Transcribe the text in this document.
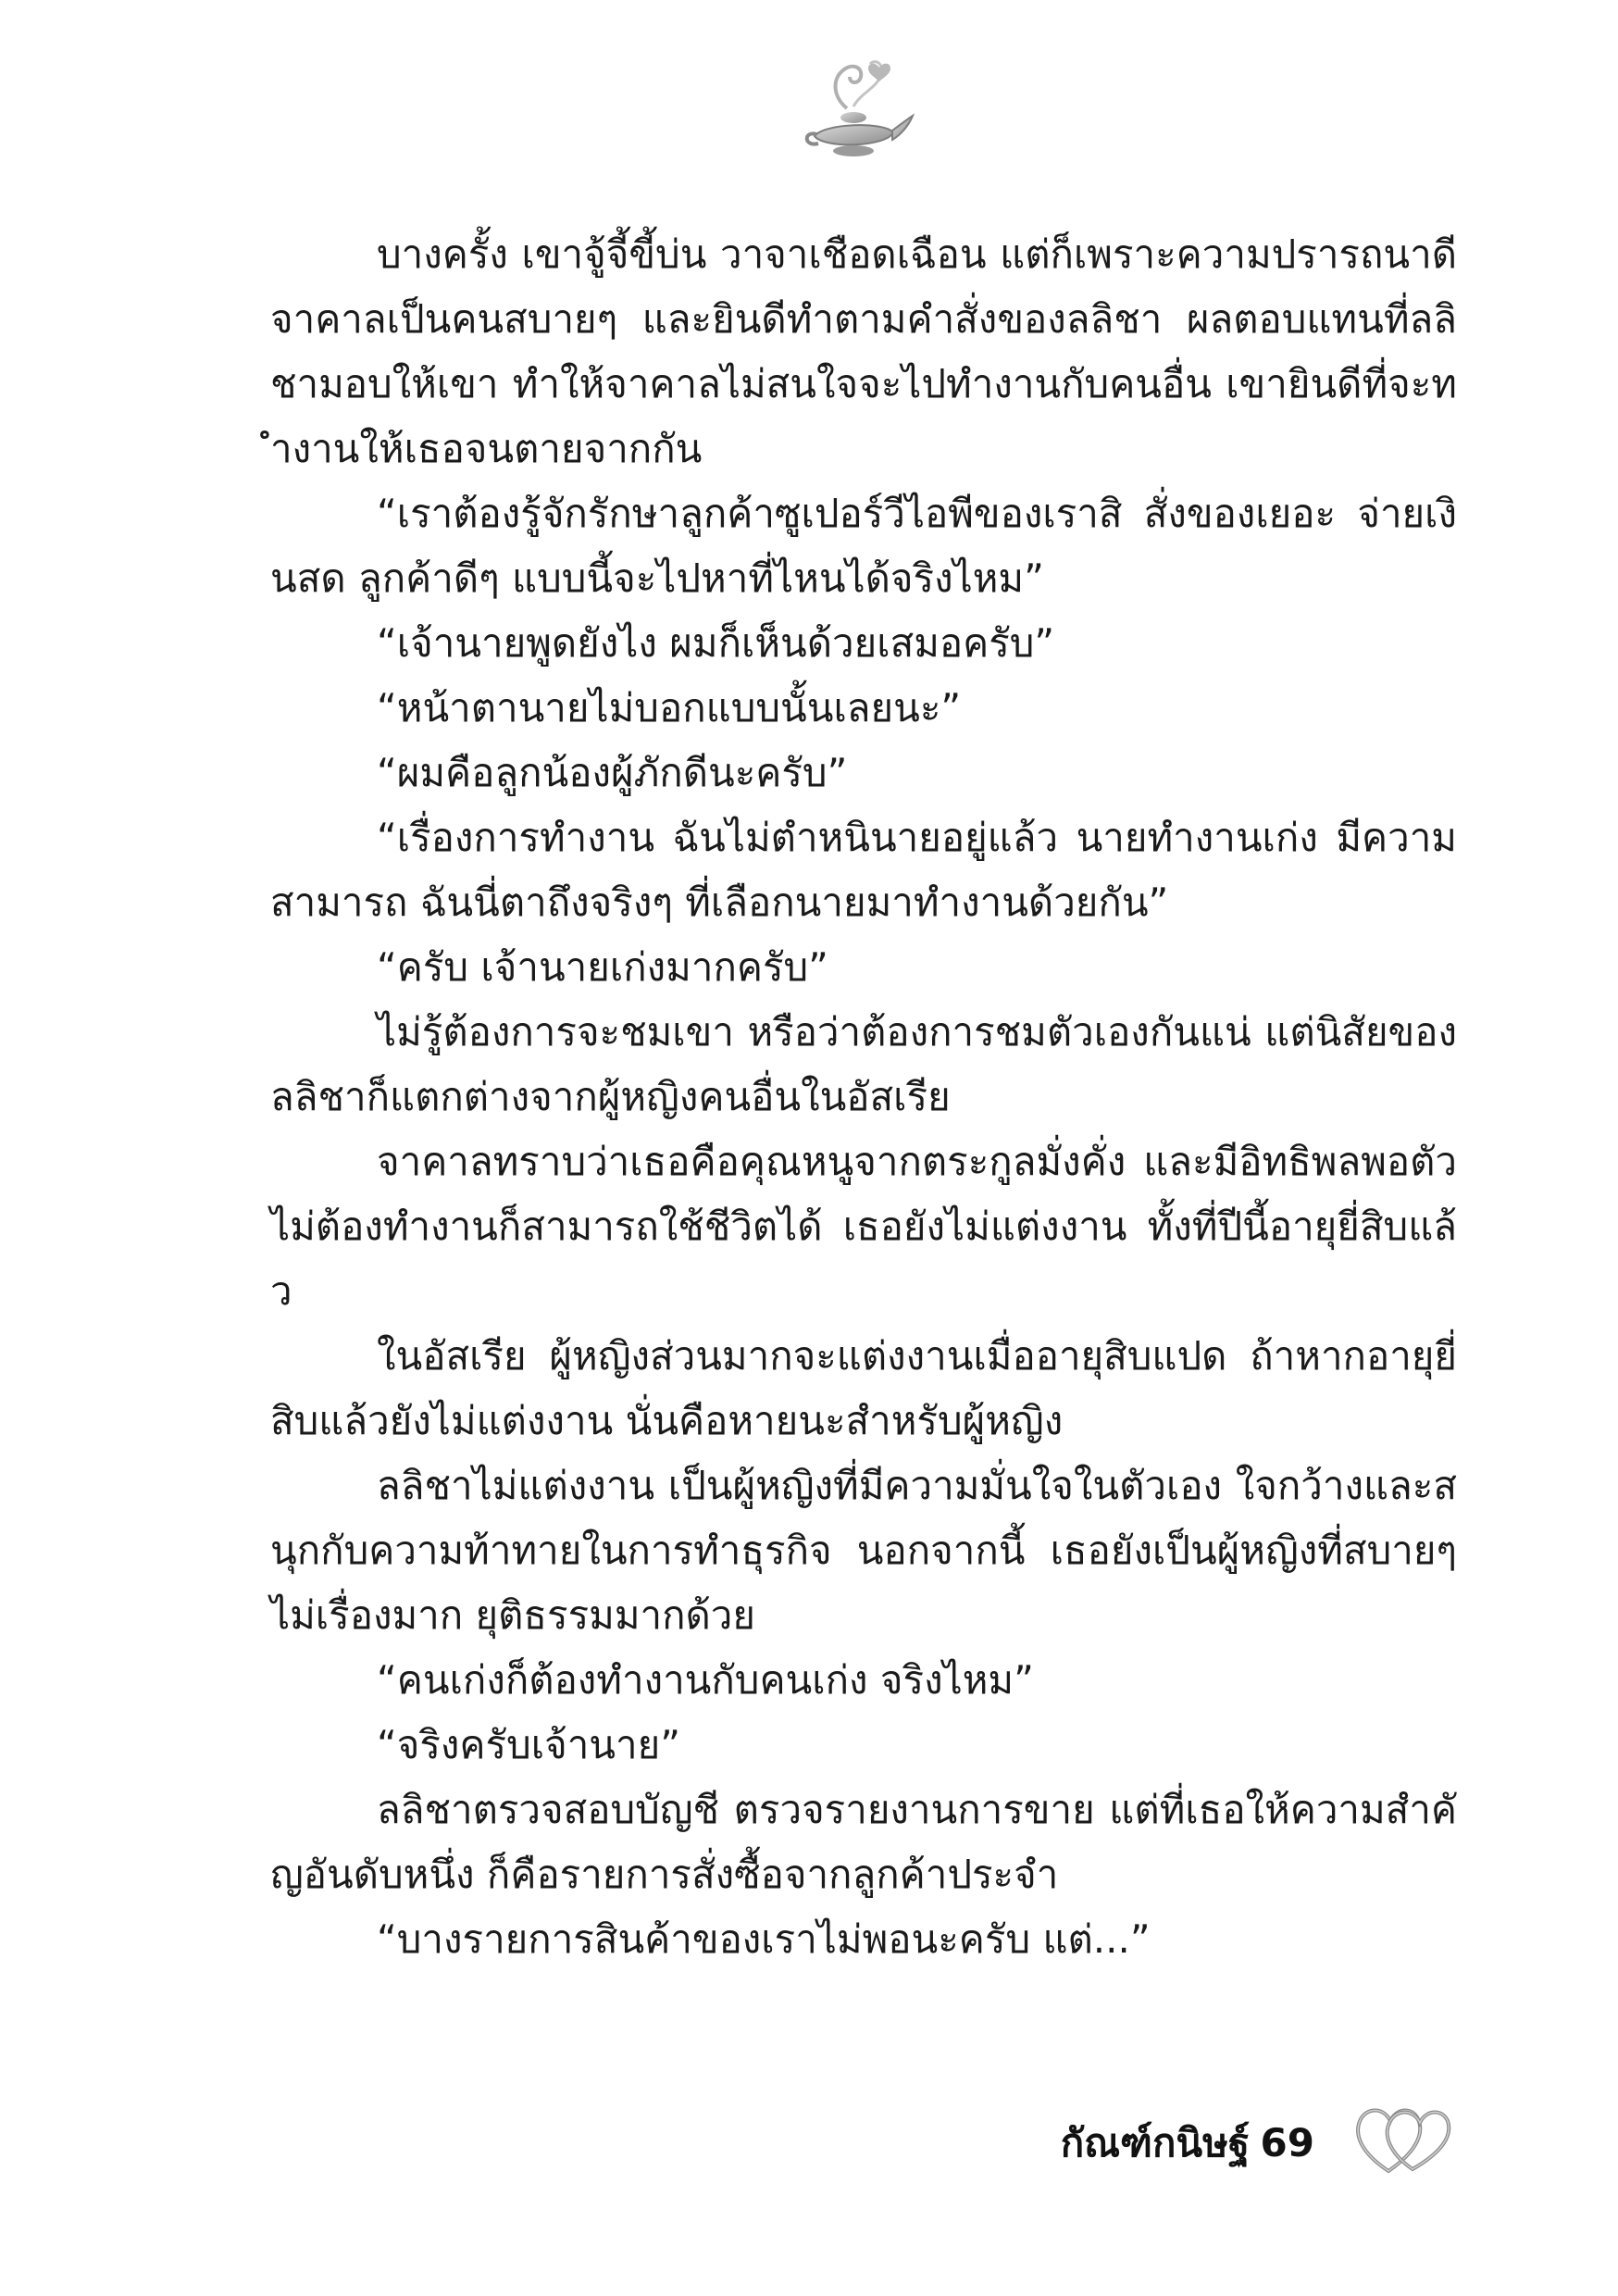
บางครั้ง เขาจู้จี้ขี้บ่น วาจาเชือดเฉือน แต่ก็เพราะความปรารถนาดี จาคาลเป็นคนสบายๆ และยินดีทำตามคำสั่งของลลิชา ผลตอบแทนที่ลลิชามอบให้เขา ทำให้จาคาลไม่สนใจจะไปทำงานกับคนอื่น เขายินดีที่จะทำงานให้เธอจนตายจากกัน

“เราต้องรู้จักรักษาลูกค้าซูเปอร์วีไอพีของเราสิ สั่งของเยอะ จ่ายเงินสด ลูกค้าดีๆ แบบนี้จะไปหาที่ไหนได้จริงไหม”

“เจ้านายพูดยังไง ผมก็เห็นด้วยเสมอครับ”

“หน้าตานายไม่บอกแบบนั้นเลยนะ”

“ผมคือลูกน้องผู้ภักดีนะครับ”

“เรื่องการทำงาน ฉันไม่ตำหนินายอยู่แล้ว นายทำงานเก่ง มีความสามารถ ฉันนี่ตาถึงจริงๆ ที่เลือกนายมาทำงานด้วยกัน”

“ครับ เจ้านายเก่งมากครับ”

ไม่รู้ต้องการจะชมเขา หรือว่าต้องการชมตัวเองกันแน่ แต่นิสัยของลลิชาก็แตกต่างจากผู้หญิงคนอื่นในอัสเรีย

จาคาลทราบว่าเธอคือคุณหนูจากตระกูลมั่งคั่ง และมีอิทธิพลพอตัว ไม่ต้องทำงานก็สามารถใช้ชีวิตได้ เธอยังไม่แต่งงาน ทั้งที่ปีนี้อายุยี่สิบแล้ว

ในอัสเรีย ผู้หญิงส่วนมากจะแต่งงานเมื่ออายุสิบแปด ถ้าหากอายุยี่สิบแล้วยังไม่แต่งงาน นั่นคือหายนะสำหรับผู้หญิง

ลลิชาไม่แต่งงาน เป็นผู้หญิงที่มีความมั่นใจในตัวเอง ใจกว้างและสนุกกับความท้าทายในการทำธุรกิจ นอกจากนี้ เธอยังเป็นผู้หญิงที่สบายๆ ไม่เรื่องมาก ยุติธรรมมากด้วย

“คนเก่งก็ต้องทำงานกับคนเก่ง จริงไหม”

“จริงครับเจ้านาย”

ลลิชาตรวจสอบบัญชี ตรวจรายงานการขาย แต่ที่เธอให้ความสำคัญอันดับหนึ่ง ก็คือรายการสั่งซื้อจากลูกค้าประจำ

“บางรายการสินค้าของเราไม่พอนะครับ แต่...”

กัณฑ์กนิษฐ์ 69
